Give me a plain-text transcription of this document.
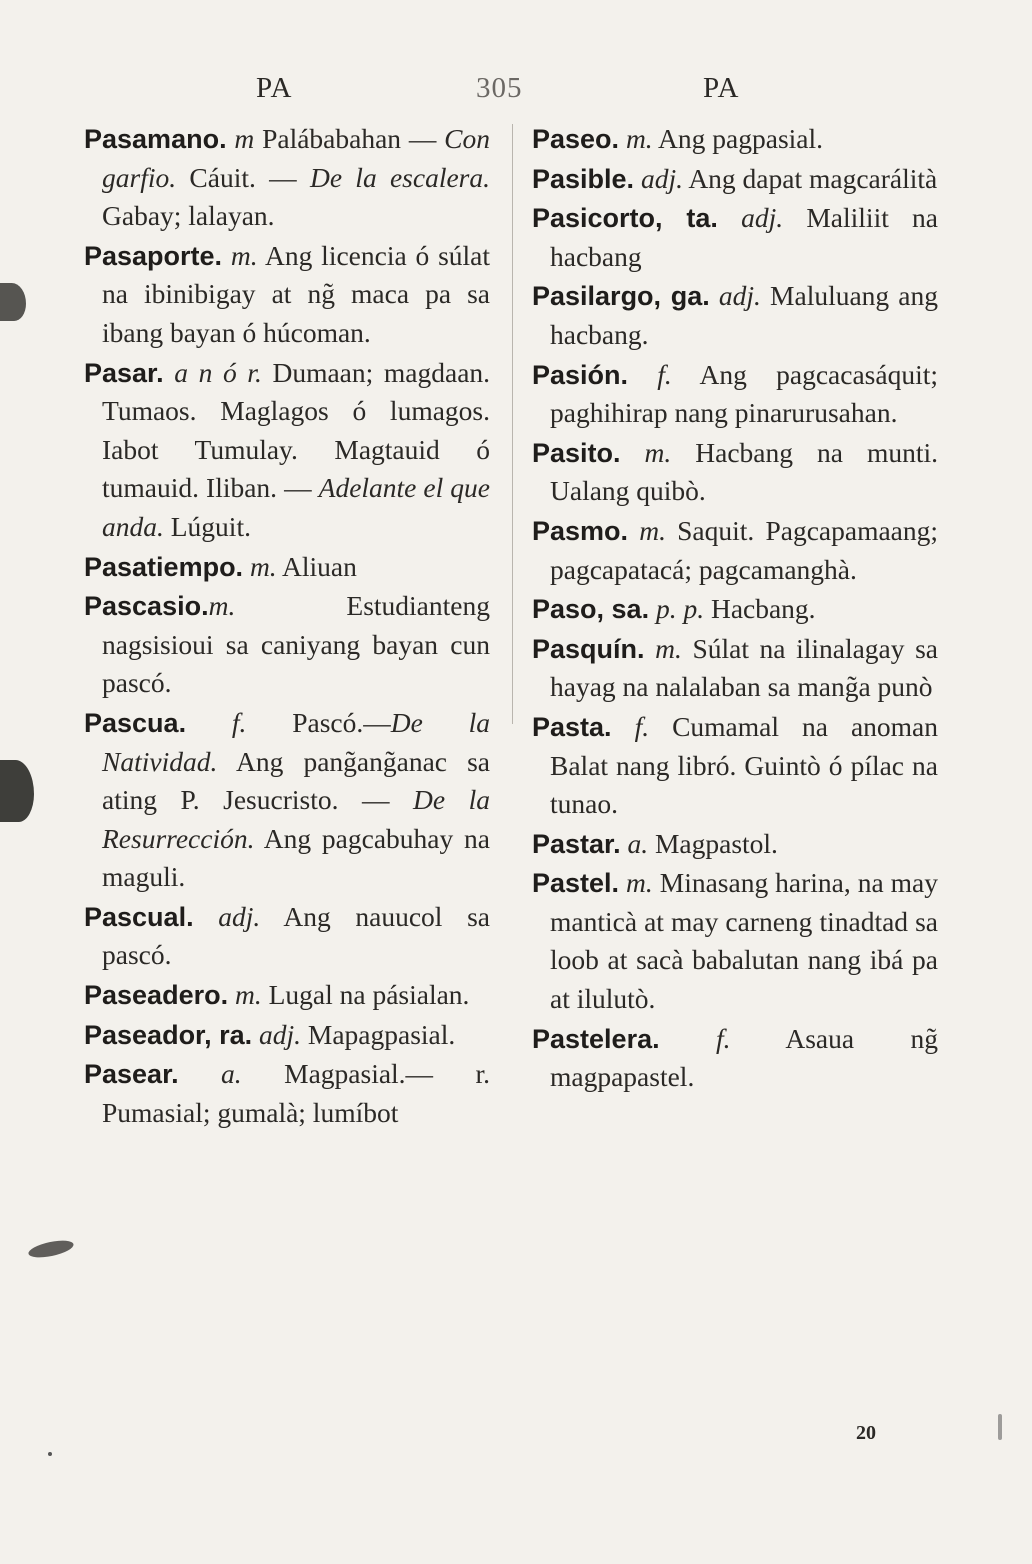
PA	305	PA

Pasamano. m Palábabahan — Con garfio. Cáuit. — De la escalera. Gabay; lalayan.

Pasaporte. m. Ang licencia ó súlat na ibinibigay at ng̃ maca pa sa ibang bayan ó húcoman.

Pasar. a n ó r. Dumaan; magdaan. Tumaos. Maglagos ó lumagos. Iabot Tumulay. Magtauid ó tumauid. Iliban. — Adelante el que anda. Lúguit.

Pasatiempo. m. Aliuan

Pascasio.m.	Estudianteng nagsisioui sa caniyang bayan cun pascó.

Pascua. f. Pascó.—De la Natividad. Ang pang̃ang̃anac sa ating P. Jesucristo. — De la Resurrección. Ang pagcabuhay na maguli.

Pascual. adj. Ang nauucol sa pascó.

Paseadero. m. Lugal na pásialan.

Paseador, ra. adj. Mapagpasial.

Pasear. a. Magpasial.— r. Pumasial; gumalà; lumíbot

Paseo. m. Ang pagpasial.

Pasible. adj. Ang dapat magcarálità

Pasicorto, ta. adj. Maliliit na hacbang

Pasilargo, ga. adj. Maluluang ang hacbang.

Pasión. f. Ang pagcacasáquit; paghihirap nang pinarurusahan.

Pasito. m. Hacbang na munti. Ualang quibò.

Pasmo. m. Saquit. Pagcapamaang; pagcapatacá; pagcamanghà.

Paso, sa. p. p. Hacbang.

Pasquín. m. Súlat na ilinalagay sa hayag na nalalaban sa mang̃a punò

Pasta. f. Cumamal na anoman Balat nang libró. Guintò ó pílac na tunao.

Pastar. a. Magpastol.

Pastel. m. Minasang harina, na may manticà at may carneng tinadtad sa loob at sacà babalutan nang ibá pa at ilulutò.

Pastelera. f. Asaua ng̃ magpapastel.

20
